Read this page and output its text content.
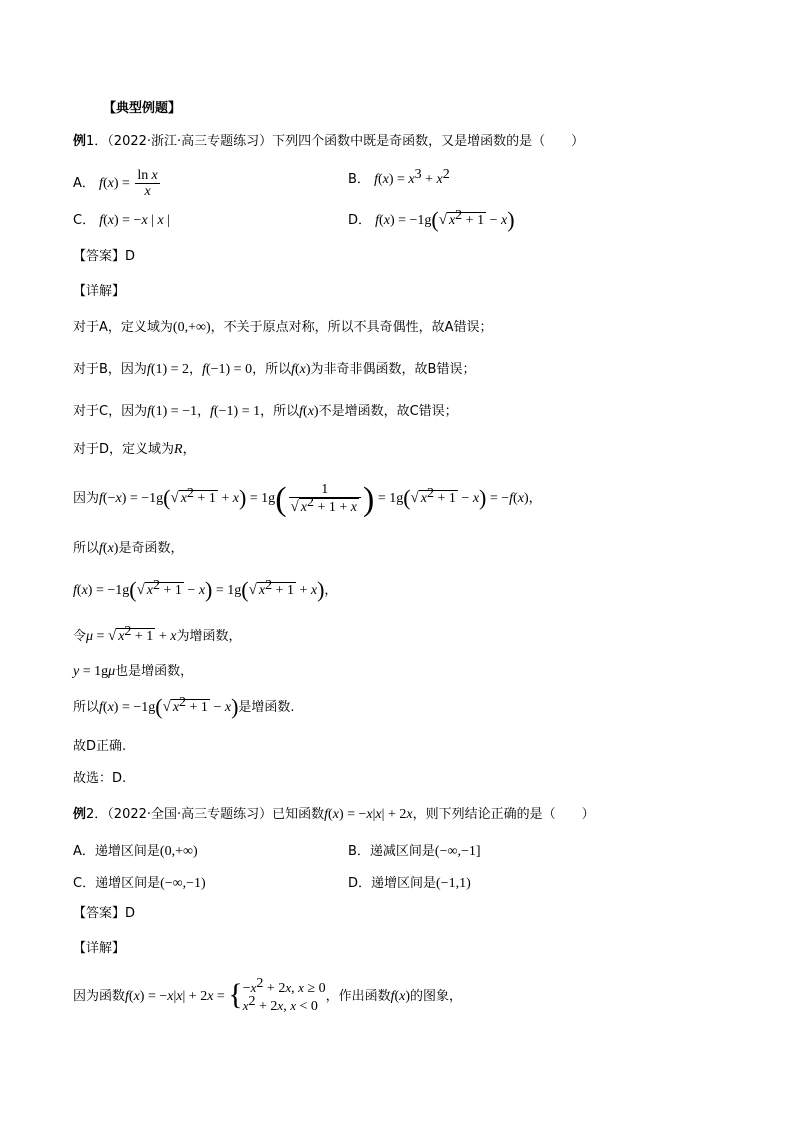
【典型例题】
例1．（2022·浙江·高三专题练习）下列四个函数中既是奇函数，又是增函数的是（　　）
A． $f(x) = \frac{\text{ln x}}{x}$	B． $f(x) = x^3 + x^2$
C． f(x) = −x | x |	D． f(x) = −1g(√ $x^2 + 1 - x$)
【答案】D
【详解】
对于A，定义域为(0,+∞)，不关于原点对称，所以不具奇偶性，故A错误；
对于B，因为f(1) = 2，f(−1) = 0，所以f(x)为非奇非偶函数，故B错误；
对于C，因为f(1) = −1，f(−1) = 1，所以f(x)不是增函数，故C错误；
对于D，定义域为R，
因为f(−x) = −1g(√ $x^2 + 1 + x) = 1g( \frac{1}{√ x^2 + 1 + x}$ ) = 1g(√ $x^2 + 1 - x) = -f(x)$，
所以f(x)是奇函数，
f(x) = −1g(√ $x^2 + 1 - x) = 1g(√$ $x^2 + 1 + x$)，
令μ = √ $x^2 + 1 + x$为增函数，
y = 1gμ也是增函数，
所以f(x) = −1g(√ $x^2 + 1 - x$)是增函数.
故D正确.
故选：D.
例2．（2022·全国·高三专题练习）已知函数f(x) = −x|x| + 2x，则下列结论正确的是（　　）
A．递增区间是(0,+∞)	B．递减区间是(−∞,−1]
C．递增区间是(−∞,−1)	D．递增区间是(−1,1)
【答案】D
【详解】
因为函数f(x) = −x|x| + 2x = { $-x^2 + 2x$, x ≥ 0
$x^2 + 2x$, x < 0
，作出函数f(x)的图象，
